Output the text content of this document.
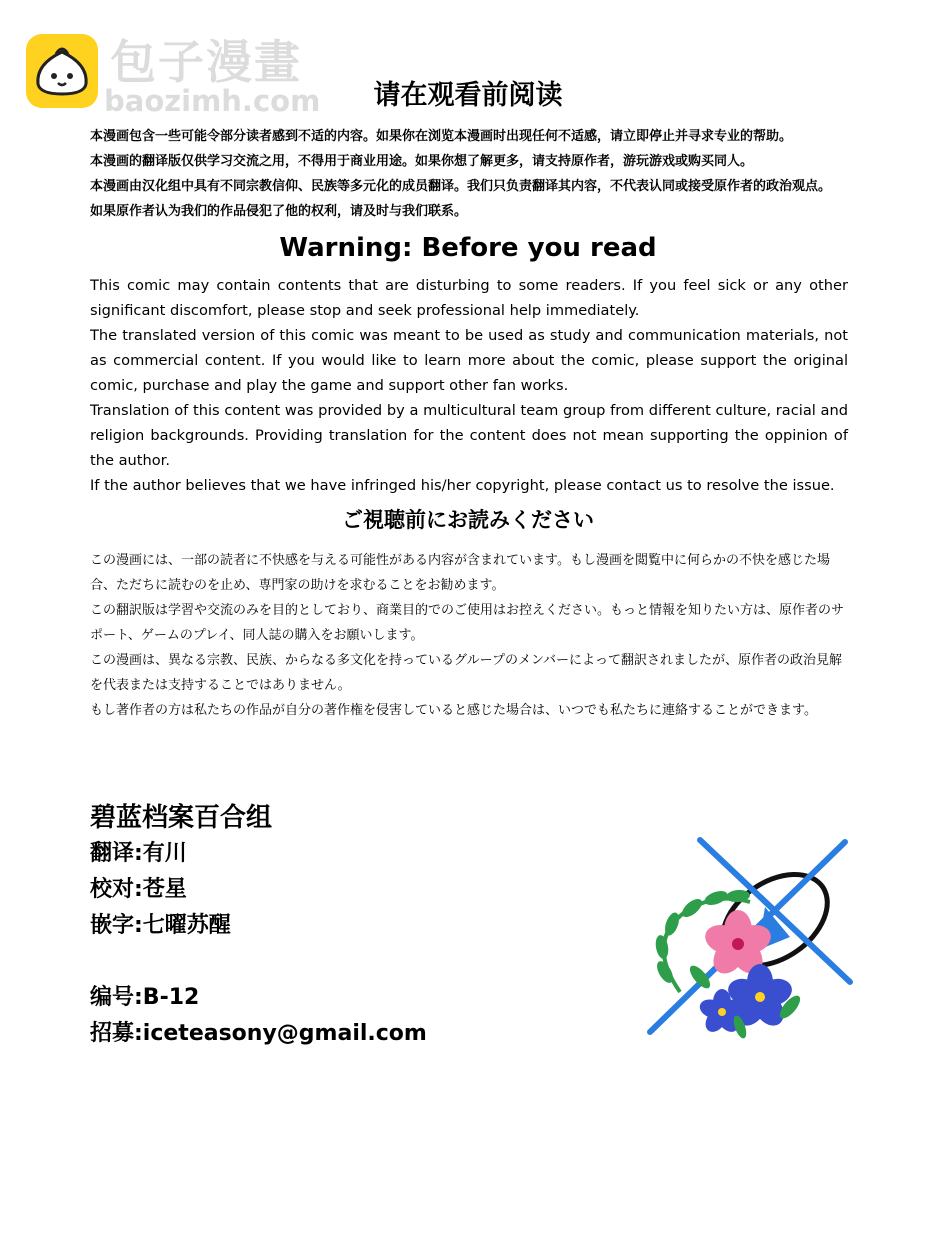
包子漫畫
baozimh.com	请在观看前阅读

本漫画包含一些可能令部分读者感到不适的内容。如果你在浏览本漫画时出现任何不适感，请立即停止并寻求专业的帮助。

本漫画的翻译版仅供学习交流之用，不得用于商业用途。如果你想了解更多，请支持原作者，游玩游戏或购买同人。

本漫画由汉化组中具有不同宗教信仰、民族等多元化的成员翻译。我们只负责翻译其内容，不代表认同或接受原作者的政治观点。

如果原作者认为我们的作品侵犯了他的权利，请及时与我们联系。

Warning: Before you read

This comic may contain contents that are disturbing to some readers. If you feel sick or any other significant discomfort, please stop and seek professional help immediately.

The translated version of this comic was meant to be used as study and communication materials, not as commercial content. If you would like to learn more about the comic, please support the original comic, purchase and play the game and support other fan works.

Translation of this content was provided by a multicultural team group from different culture, racial and religion backgrounds. Providing translation for the content does not mean supporting the oppinion of the author.

If the author believes that we have infringed his/her copyright, please contact us to resolve the issue.

ご視聴前にお読みください

この漫画には、一部の読者に不快感を与える可能性がある内容が含まれています。もし漫画を閲覧中に何らかの不快を感じた場合、ただちに読むのを止め、専門家の助けを求むることをお勧めます。

この翻訳版は学習や交流のみを目的としており、商業目的でのご使用はお控えください。もっと情報を知りたい方は、原作者のサポート、ゲームのプレイ、同人誌の購入をお願いします。

この漫画は、異なる宗教、民族、からなる多文化を持っているグループのメンバーによって翻訳されましたが、原作者の政治見解を代表または支持することではありません。

もし著作者の方は私たちの作品が自分の著作権を侵害していると感じた場合は、いつでも私たちに連絡することができます。

碧蓝档案百合组
翻译:有川
校对:苍星
嵌字:七曜苏醒
编号:B-12
招募:iceteasony@gmail.com
